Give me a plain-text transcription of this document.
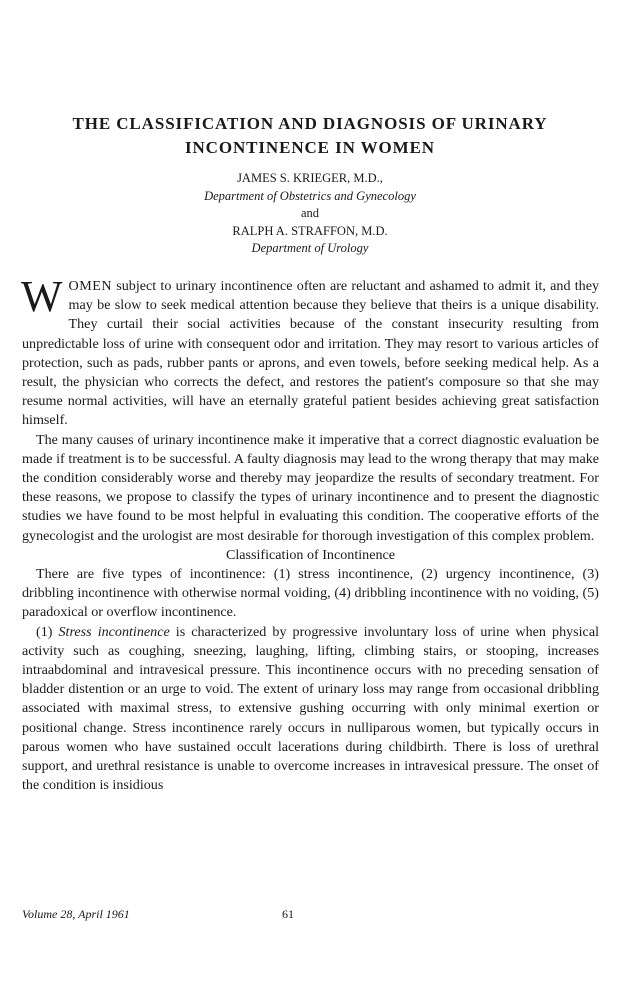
THE CLASSIFICATION AND DIAGNOSIS OF URINARY
INCONTINENCE IN WOMEN
JAMES S. KRIEGER, M.D.,
Department of Obstetrics and Gynecology
and
RALPH A. STRAFFON, M.D.
Department of Urology

WOMEN subject to urinary incontinence often are reluctant and ashamed to admit it, and they may be slow to seek medical attention because they believe that theirs is a unique disability. They curtail their social activities because of the constant insecurity resulting from unpredictable loss of urine with consequent odor and irritation. They may resort to various articles of protection, such as pads, rubber pants or aprons, and even towels, before seeking medical help. As a result, the physician who corrects the defect, and restores the patient's composure so that she may resume normal activities, will have an eternally grateful patient besides achieving great satisfaction himself.

The many causes of urinary incontinence make it imperative that a correct diagnostic evaluation be made if treatment is to be successful. A faulty diagnosis may lead to the wrong therapy that may make the condition considerably worse and thereby may jeopardize the results of secondary treatment. For these reasons, we propose to classify the types of urinary incontinence and to present the diagnostic studies we have found to be most helpful in evaluating this condition. The cooperative efforts of the gynecologist and the urologist are most desirable for thorough investigation of this complex problem.

Classification of Incontinence

There are five types of incontinence: (1) stress incontinence, (2) urgency incontinence, (3) dribbling incontinence with otherwise normal voiding, (4) dribbling incontinence with no voiding, (5) paradoxical or overflow incontinence.

(1) Stress incontinence is characterized by progressive involuntary loss of urine when physical activity such as coughing, sneezing, laughing, lifting, climbing stairs, or stooping, increases intraabdominal and intravesical pressure. This incontinence occurs with no preceding sensation of bladder distention or an urge to void. The extent of urinary loss may range from occasional dribbling associated with maximal stress, to extensive gushing occurring with only minimal exertion or positional change. Stress incontinence rarely occurs in nulliparous women, but typically occurs in parous women who have sustained occult lacerations during childbirth. There is loss of urethral support, and urethral resistance is unable to overcome increases in intravesical pressure. The onset of the condition is insidious

Volume 28, April 1961	61
